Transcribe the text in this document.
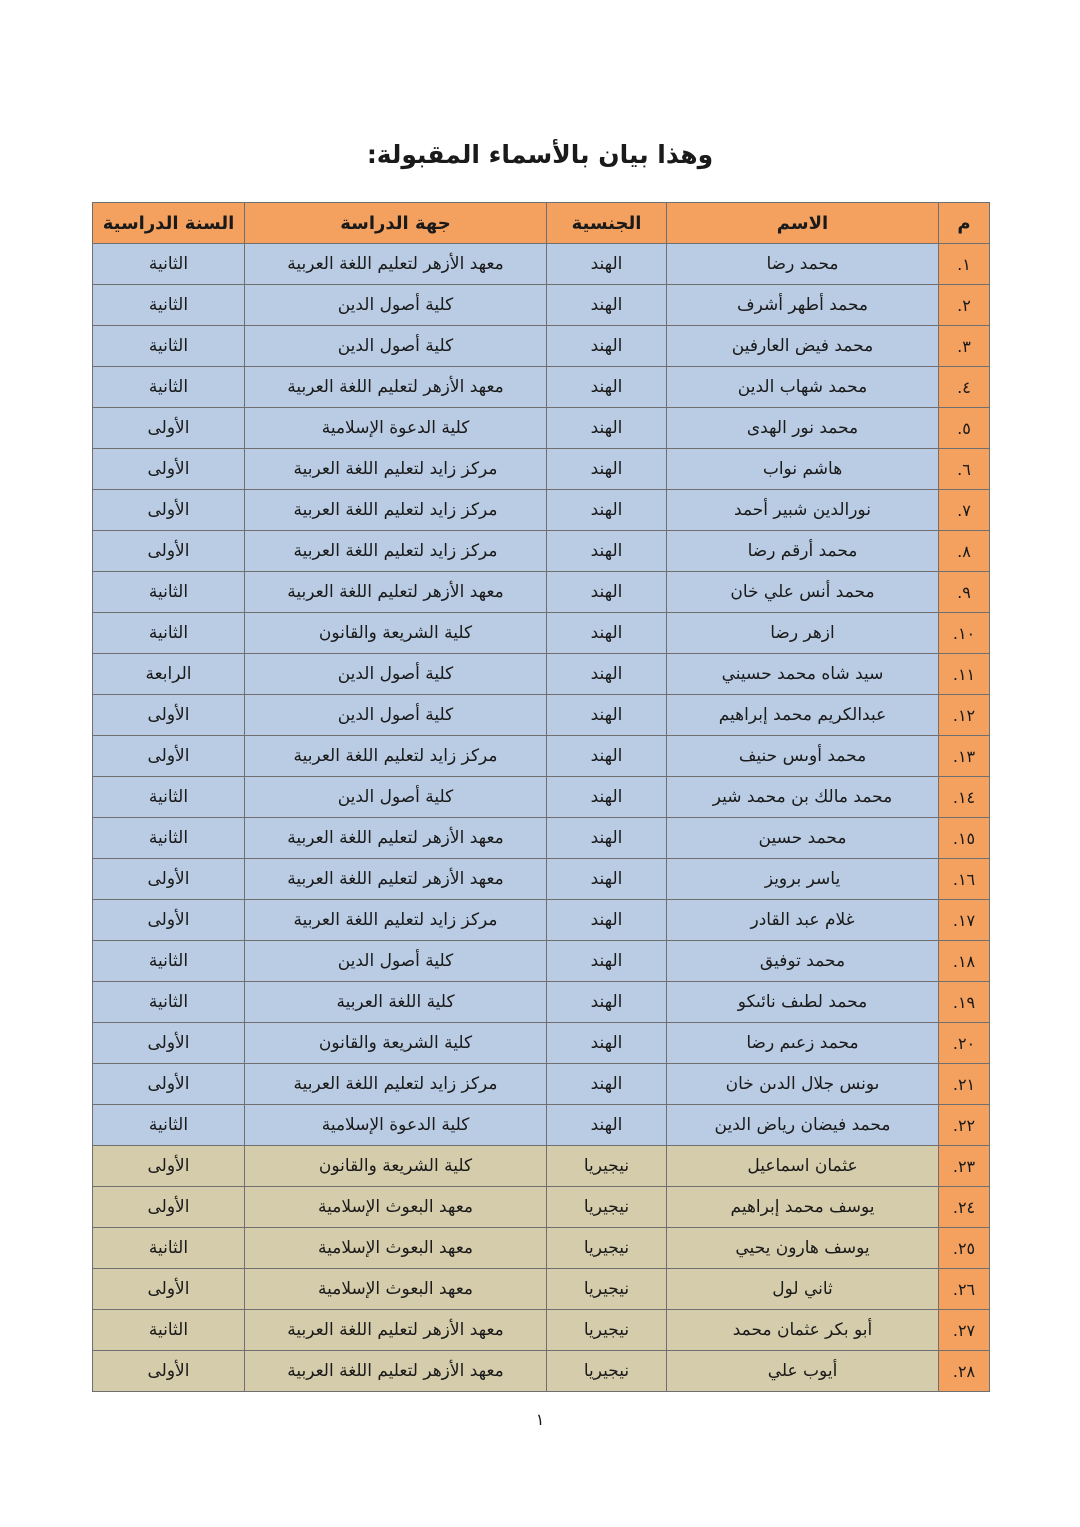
وهذا بيان بالأسماء المقبولة:
م	الاسم	الجنسية	جهة الدراسة	السنة الدراسية
١.	محمد رضا	الهند	معهد الأزهر لتعليم اللغة العربية	الثانية
٢.	محمد أطهر أشرف	الهند	كلية أصول الدين	الثانية
٣.	محمد فيض العارفين	الهند	كلية أصول الدين	الثانية
٤.	محمد شهاب الدين	الهند	معهد الأزهر لتعليم اللغة العربية	الثانية
٥.	محمد نور الهدى	الهند	كلية الدعوة الإسلامية	الأولى
٦.	هاشم نواب	الهند	مركز زايد لتعليم اللغة العربية	الأولى
٧.	نورالدين شبير أحمد	الهند	مركز زايد لتعليم اللغة العربية	الأولى
٨.	محمد أرقم رضا	الهند	مركز زايد لتعليم اللغة العربية	الأولى
٩.	محمد أنس علي خان	الهند	معهد الأزهر لتعليم اللغة العربية	الثانية
١٠.	ازهر رضا	الهند	كلية الشريعة والقانون	الثانية
١١.	سيد شاه محمد حسيني	الهند	كلية أصول الدين	الرابعة
١٢.	عبدالكريم محمد إبراهيم	الهند	كلية أصول الدين	الأولى
١٣.	محمد أوىس حنيف	الهند	مركز زايد لتعليم اللغة العربية	الأولى
١٤.	محمد مالك بن محمد شير	الهند	كلية أصول الدين	الثانية
١٥.	محمد حسين	الهند	معهد الأزهر لتعليم اللغة العربية	الثانية
١٦.	ياسر برويز	الهند	معهد الأزهر لتعليم اللغة العربية	الأولى
١٧.	غلام عبد القادر	الهند	مركز زايد لتعليم اللغة العربية	الأولى
١٨.	محمد توفيق	الهند	كلية أصول الدين	الثانية
١٩.	محمد لطىف نائىكو	الهند	كلية اللغة العربية	الثانية
٢٠.	محمد زعىم رضا	الهند	كلية الشريعة والقانون	الأولى
٢١.	ىونس جلال الدىن خان	الهند	مركز زايد لتعليم اللغة العربية	الأولى
٢٢.	محمد فيضان رياض الدين	الهند	كلية الدعوة الإسلامية	الثانية
٢٣.	عثمان اسماعيل	نيجيريا	كلية الشريعة والقانون	الأولى
٢٤.	يوسف محمد إبراهيم	نيجيريا	معهد البعوث الإسلامية	الأولى
٢٥.	يوسف هارون يحيي	نيجيريا	معهد البعوث الإسلامية	الثانية
٢٦.	ثاني لول	نيجيريا	معهد البعوث الإسلامية	الأولى
٢٧.	أبو بكر عثمان محمد	نيجيريا	معهد الأزهر لتعليم اللغة العربية	الثانية
٢٨.	أيوب علي	نيجيريا	معهد الأزهر لتعليم اللغة العربية	الأولى
١
